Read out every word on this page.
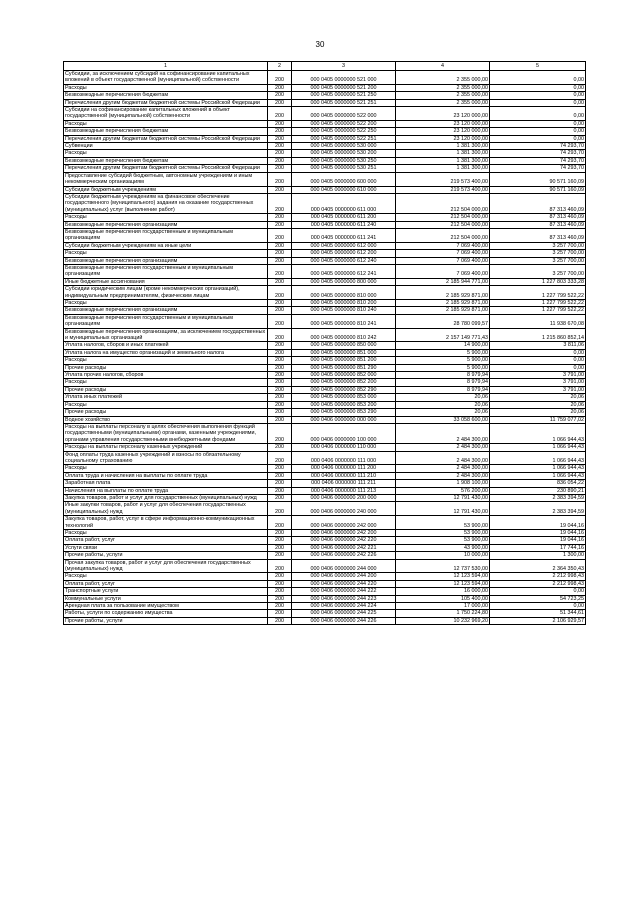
30
1	2	3	4	5
Субсидии, за исключением субсидий на софинансирование капитальных вложений в объект государственной (муниципальной) собственности	200	000 0405 0000000 521 000	2 355 000,00	0,00
Расходы	200	000 0405 0000000 521 200	2 355 000,00	0,00
Безвозмездные перечисления бюджетам	200	000 0405 0000000 521 250	2 355 000,00	0,00
Перечисления другим бюджетам бюджетной системы Российской Федерации	200	000 0405 0000000 521 251	2 355 000,00	0,00
Субсидии на софинансирование капитальных вложений в объект государственной (муниципальной) собственности	200	000 0405 0000000 522 000	23 120 000,00	0,00
Расходы	200	000 0405 0000000 522 200	23 120 000,00	0,00
Безвозмездные перечисления бюджетам	200	000 0405 0000000 522 250	23 120 000,00	0,00
Перечисления другим бюджетам бюджетной системы Российской Федерации	200	000 0405 0000000 522 251	23 120 000,00	0,00
Субвенции	200	000 0405 0000000 530 000	1 381 300,00	74 293,70
Расходы	200	000 0405 0000000 530 200	1 381 300,00	74 293,70
Безвозмездные перечисления бюджетам	200	000 0405 0000000 530 250	1 381 300,00	74 293,70
Перечисления другим бюджетам бюджетной системы Российской Федерации	200	000 0405 0000000 530 251	1 381 300,00	74 293,70
Предоставление субсидий бюджетным, автономным учреждениям и иным некоммерческим организациям	200	000 0405 0000000 600 000	219 573 400,00	90 571 160,09
Субсидии бюджетным учреждениям	200	000 0405 0000000 610 000	219 573 400,00	90 571 160,09
Субсидии бюджетным учреждениям на финансовое обеспечение государственного (муниципального) задания на оказание государственных (муниципальных) услуг (выполнение работ)	200	000 0405 0000000 611 000	212 504 000,00	87 313 460,09
Расходы	200	000 0405 0000000 611 200	212 504 000,00	87 313 460,09
Безвозмездные перечисления организациям	200	000 0405 0000000 611 240	212 504 000,00	87 313 460,09
Безвозмездные перечисления государственным и муниципальным организациям	200	000 0405 0000000 611 241	212 504 000,00	87 313 460,09
Субсидии бюджетным учреждениям на иные цели	200	000 0405 0000000 612 000	7 069 400,00	3 257 700,00
Расходы	200	000 0405 0000000 612 200	7 069 400,00	3 257 700,00
Безвозмездные перечисления организациям	200	000 0405 0000000 612 240	7 069 400,00	3 257 700,00
Безвозмездные перечисления государственным и муниципальным организациям	200	000 0405 0000000 612 241	7 069 400,00	3 257 700,00
Иные бюджетные ассигнования	200	000 0405 0000000 800 000	2 185 944 771,00	1 227 803 333,28
Субсидии юридическим лицам (кроме некоммерческих организаций), индивидуальным предпринимателям, физическим лицам	200	000 0405 0000000 810 000	2 185 929 871,00	1 227 799 522,22
Расходы	200	000 0405 0000000 810 200	2 185 929 871,00	1 227 799 522,22
Безвозмездные перечисления организациям	200	000 0405 0000000 810 240	2 185 929 871,00	1 227 799 522,22
Безвозмездные перечисления государственным и муниципальным организациям	200	000 0405 0000000 810 241	28 780 099,57	11 938 670,08
Безвозмездные перечисления организациям, за исключением государственных и муниципальных организаций	200	000 0405 0000000 810 242	2 157 149 771,43	1 215 860 852,14
Уплата налогов, сборов и иных платежей	200	000 0405 0000000 850 000	14 900,00	3 811,06
Уплата налога на имущество организаций и земельного налога	200	000 0405 0000000 851 000	5 900,00	0,00
Расходы	200	000 0405 0000000 851 200	5 900,00	0,00
Прочие расходы	200	000 0405 0000000 851 290	5 900,00	0,00
Уплата прочих налогов, сборов	200	000 0405 0000000 852 000	8 979,94	3 791,00
Расходы	200	000 0405 0000000 852 200	8 979,94	3 791,00
Прочие расходы	200	000 0405 0000000 852 290	8 979,94	3 791,00
Уплата иных платежей	200	000 0405 0000000 853 000	20,06	20,06
Расходы	200	000 0405 0000000 853 200	20,06	20,06
Прочие расходы	200	000 0405 0000000 853 290	20,06	20,06
Водное хозяйство	200	000 0406 0000000 000 000	33 058 600,00	11 759 077,02
Расходы на выплаты персоналу в целях обеспечения выполнения функций государственными (муниципальными) органами, казенными учреждениями, органами управления государственными внебюджетными фондами	200	000 0406 0000000 100 000	2 484 300,00	1 066 944,43
Расходы на выплаты персоналу казенных учреждений	200	000 0406 0000000 110 000	2 484 300,00	1 066 944,43
Фонд оплаты труда казенных учреждений и взносы по обязательному социальному страхованию	200	000 0406 0000000 111 000	2 484 300,00	1 066 944,43
Расходы	200	000 0406 0000000 111 200	2 484 300,00	1 066 944,43
Оплата труда и начисления на выплаты по оплате труда	200	000 0406 0000000 111 210	2 484 300,00	1 066 944,43
Заработная плата	200	000 0406 0000000 111 211	1 908 100,00	836 054,22
Начисления на выплаты по оплате труда	200	000 0406 0000000 111 213	576 200,00	230 890,21
Закупка товаров, работ и услуг для государственных (муниципальных) нужд	200	000 0406 0000000 200 000	12 791 430,00	2 383 394,59
Иные закупки товаров, работ и услуг для обеспечения государственных (муниципальных) нужд	200	000 0406 0000000 240 000	12 791 430,00	2 383 394,59
Закупка товаров, работ, услуг в сфере информационно-коммуникационных технологий	200	000 0406 0000000 242 000	53 900,00	19 044,16
Расходы	200	000 0406 0000000 242 200	53 900,00	19 044,16
Оплата работ, услуг	200	000 0406 0000000 242 220	53 900,00	19 044,16
Услуги связи	200	000 0406 0000000 242 221	43 900,00	17 744,16
Прочие работы, услуги	200	000 0406 0000000 242 226	10 000,00	1 300,00
Прочая закупка товаров, работ и услуг для обеспечения государственных (муниципальных) нужд	200	000 0406 0000000 244 000	12 737 530,00	2 364 350,43
Расходы	200	000 0406 0000000 244 200	12 123 594,00	2 212 998,43
Оплата работ, услуг	200	000 0406 0000000 244 220	12 123 594,00	2 212 998,43
Транспортные услуги	200	000 0406 0000000 244 222	16 000,00	0,00
Коммунальные услуги	200	000 0406 0000000 244 223	105 400,00	54 723,25
Арендная плата за пользование имуществом	200	000 0406 0000000 244 224	17 000,00	0,00
Работы, услуги по содержанию имущества	200	000 0406 0000000 244 225	1 750 224,80	51 344,61
Прочие работы, услуги	200	000 0406 0000000 244 226	10 232 969,20	2 106 929,57
